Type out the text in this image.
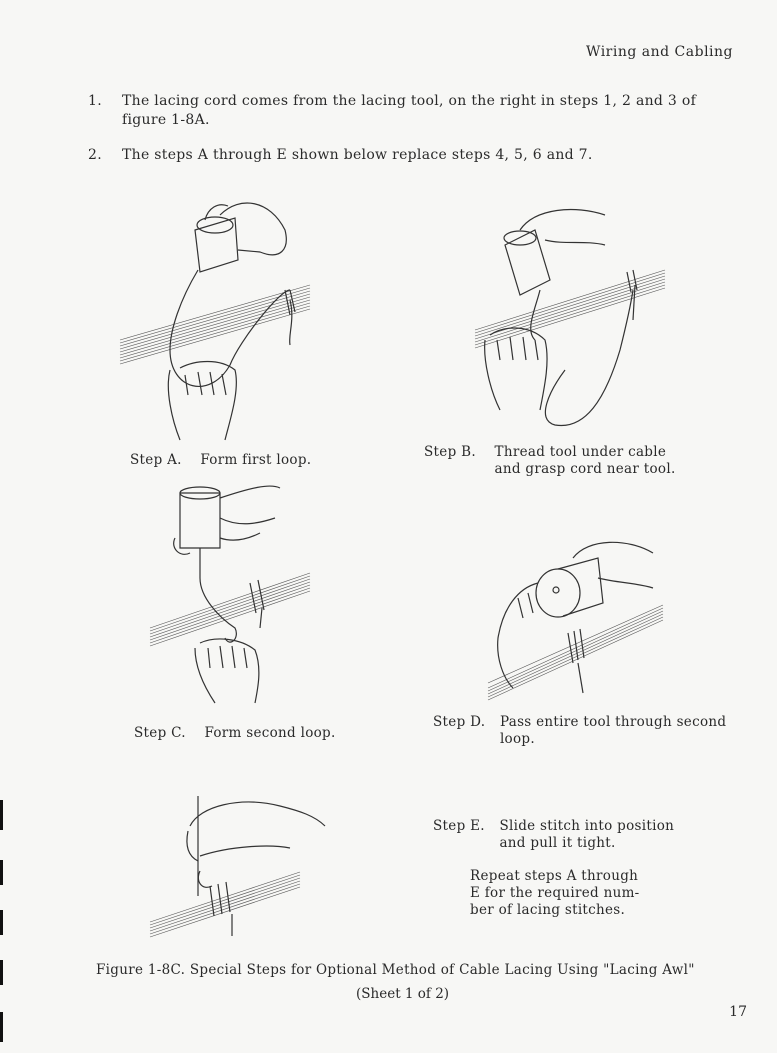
Wiring and Cabling
1. The lacing cord comes from the lacing tool, on the right in steps 1, 2 and 3 of
figure 1-8A.
2. The steps A through E shown below replace steps 4, 5, 6 and 7.
Step A. Form first loop.	Step B. Thread tool under cable
and grasp cord near tool.
Step C. Form second loop.
Step D. Pass entire tool through second
loop.
Step E. Slide stitch into position
and pull it tight.
Repeat steps A through
E for the required num-
ber of lacing stitches.
Figure 1-8C. Special Steps for Optional Method of Cable Lacing Using "Lacing Awl"
(Sheet 1 of 2)
17
